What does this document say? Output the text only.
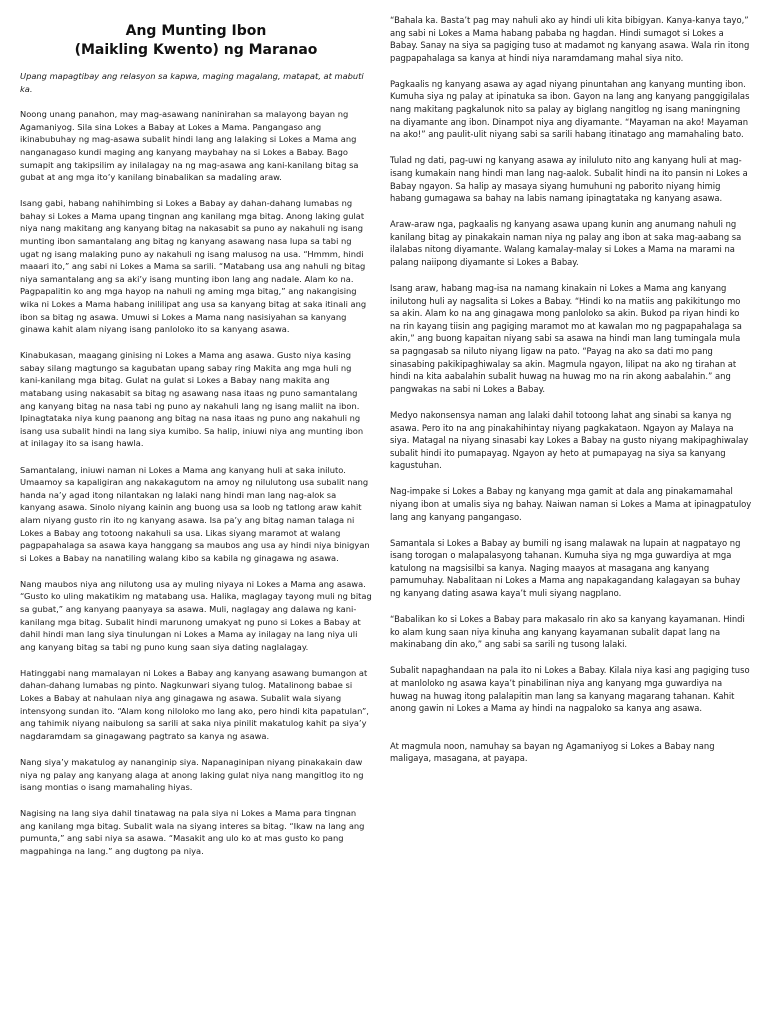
Ang Munting Ibon
(Maikling Kwento) ng Maranao
Upang mapagtibay ang relasyon sa kapwa, maging magalang, matapat, at mabuti ka.

Noong unang panahon, may mag-asawang naninirahan sa malayong bayan ng Agamaniyog. Sila sina Lokes a Babay at Lokes a Mama. Pangangaso ang ikinabubuhay ng mag-asawa subalit hindi lang ang lalaking si Lokes a Mama ang nanganagaso kundi maging ang kanyang maybahay na si Lokes a Babay. Bago sumapit ang takipsilim ay inilalagay na ng mag-asawa ang kani-kanilang bitag sa gubat at ang mga ito’y kanilang binabalikan sa madaling araw.

Isang gabi, habang nahihimbing si Lokes a Babay ay dahan-dahang lumabas ng bahay si Lokes a Mama upang tingnan ang kanilang mga bitag. Anong laking gulat niya nang makitang ang kanyang bitag na nakasabit sa puno ay nakahuli ng isang munting ibon samantalang ang bitag ng kanyang asawang nasa lupa sa tabi ng ugat ng isang malaking puno ay nakahuli ng isang malusog na usa. “Hmmm, hindi maaari ito,” ang sabi ni Lokes a Mama sa sarili. “Matabang usa ang nahuli ng bitag niya samantalang ang sa aki’y isang munting ibon lang ang nadale. Alam ko na. Pagpapalitin ko ang mga hayop na nahuli ng aming mga bitag,” ang nakangising wika ni Lokes a Mama habang inililipat ang usa sa kanyang bitag at saka itinali ang ibon sa bitag ng asawa. Umuwi si Lokes a Mama nang nasisiyahan sa kanyang ginawa kahit alam niyang isang panloloko ito sa kanyang asawa.

Kinabukasan, maagang ginising ni Lokes a Mama ang asawa. Gusto niya kasing sabay silang magtungo sa kagubatan upang sabay ring Makita ang mga huli ng kani-kanilang mga bitag. Gulat na gulat si Lokes a Babay nang makita ang matabang using nakasabit sa bitag ng asawang nasa itaas ng puno samantalang ang kanyang bitag na nasa tabi ng puno ay nakahuli lang ng isang maliit na ibon. Ipinagtataka niya kung paanong ang bitag na nasa itaas ng puno ang nakahuli ng isang usa subalit hindi na lang siya kumibo. Sa halip, iniuwi niya ang munting ibon at inilagay ito sa isang hawla.

Samantalang, iniuwi naman ni Lokes a Mama ang kanyang huli at saka iniluto. Umaamoy sa kapaligiran ang nakakagutom na amoy ng nilulutong usa subalit nang handa na’y agad itong nilantakan ng lalaki nang hindi man lang nag-alok sa kanyang asawa. Sinolo niyang kainin ang buong usa sa loob ng tatlong araw kahit alam niyang gusto rin ito ng kanyang asawa. Isa pa’y ang bitag naman talaga ni Lokes a Babay ang totoong nakahuli sa usa. Likas siyang maramot at walang pagpapahalaga sa asawa kaya hanggang sa maubos ang usa ay hindi niya binigyan si Lokes a Babay na nanatiling walang kibo sa kabila ng ginagawa ng asawa.

Nang maubos niya ang nilutong usa ay muling niyaya ni Lokes a Mama ang asawa. “Gusto ko uling makatikim ng matabang usa. Halika, maglagay tayong muli ng bitag sa gubat,” ang kanyang paanyaya sa asawa. Muli, naglagay ang dalawa ng kani-kanilang mga bitag. Subalit hindi marunong umakyat ng puno si Lokes a Babay at dahil hindi man lang siya tinulungan ni Lokes a Mama ay inilagay na lang niya uli ang kanyang bitag sa tabi ng puno kung saan siya dating naglalagay.

Hatinggabi nang mamalayan ni Lokes a Babay ang kanyang asawang bumangon at dahan-dahang lumabas ng pinto. Nagkunwari siyang tulog. Matalinong babae si Lokes a Babay at nahulaan niya ang ginagawa ng asawa. Subalit wala siyang intensyong sundan ito. “Alam kong niloloko mo lang ako, pero hindi kita papatulan”, ang tahimik niyang naibulong sa sarili at saka niya pinilit makatulog kahit pa siya’y nagdaramdam sa ginagawang pagtrato sa kanya ng asawa.

Nang siya’y makatulog ay nananginip siya. Napanaginipan niyang pinakakain daw niya ng palay ang kanyang alaga at anong laking gulat niya nang mangitlog ito ng isang montias o isang mamahaling hiyas.

Nagising na lang siya dahil tinatawag na pala siya ni Lokes a Mama para tingnan ang kanilang mga bitag. Subalit wala na siyang interes sa bitag. “Ikaw na lang ang pumunta,” ang sabi niya sa asawa. “Masakit ang ulo ko at mas gusto ko pang magpahinga na lang.” ang dugtong pa niya.

“Bahala ka. Basta’t pag may nahuli ako ay hindi uli kita bibigyan. Kanya-kanya tayo,” ang sabi ni Lokes a Mama habang pababa ng hagdan. Hindi sumagot si Lokes a Babay. Sanay na siya sa pagiging tuso at madamot ng kanyang asawa. Wala rin itong pagpapahalaga sa kanya at hindi niya naramdamang mahal siya nito.

Pagkaalis ng kanyang asawa ay agad niyang pinuntahan ang kanyang munting ibon. Kumuha siya ng palay at ipinatuka sa ibon. Gayon na lang ang kanyang panggigilalas nang makitang pagkalunok nito sa palay ay biglang nangitlog ng isang maningning na diyamante ang ibon. Dinampot niya ang diyamante. “Mayaman na ako! Mayaman na ako!” ang paulit-ulit niyang sabi sa sarili habang itinatago ang mamahaling bato.

Tulad ng dati, pag-uwi ng kanyang asawa ay iniluluto nito ang kanyang huli at mag-isang kumakain nang hindi man lang nag-aalok. Subalit hindi na ito pansin ni Lokes a Babay ngayon. Sa halip ay masaya siyang humuhuni ng paborito niyang himig habang gumagawa sa bahay na labis namang ipinagtataka ng kanyang asawa.

Araw-araw nga, pagkaalis ng kanyang asawa upang kunin ang anumang nahuli ng kanilang bitag ay pinakakain naman niya ng palay ang ibon at saka mag-aabang sa ilalabas nitong diyamante. Walang kamalay-malay si Lokes a Mama na marami na palang naiipong diyamante si Lokes a Babay.

Isang araw, habang mag-isa na namang kinakain ni Lokes a Mama ang kanyang inilutong huli ay nagsalita si Lokes a Babay. “Hindi ko na matiis ang pakikitungo mo sa akin. Alam ko na ang ginagawa mong panloloko sa akin. Bukod pa riyan hindi ko na rin kayang tiisin ang pagiging maramot mo at kawalan mo ng pagpapahalaga sa akin,” ang buong kapaitan niyang sabi sa asawa na hindi man lang tumingala mula sa pagngasab sa niluto niyang ligaw na pato. “Payag na ako sa dati mo pang sinasabing pakikipaghiwalay sa akin. Magmula ngayon, lilipat na ako ng tirahan at hindi na kita aabalahin subalit huwag na huwag mo na rin akong aabalahin.” ang pangwakas na sabi ni Lokes a Babay.

Medyo nakonsensya naman ang lalaki dahil totoong lahat ang sinabi sa kanya ng asawa. Pero ito na ang pinakahihintay niyang pagkakataon. Ngayon ay Malaya na siya. Matagal na niyang sinasabi kay Lokes a Babay na gusto niyang makipaghiwalay subalit hindi ito pumapayag. Ngayon ay heto at pumapayag na siya sa kanyang kagustuhan.

Nag-impake si Lokes a Babay ng kanyang mga gamit at dala ang pinakamamahal niyang ibon at umalis siya ng bahay. Naiwan naman si Lokes a Mama at ipinagpatuloy lang ang kanyang pangangaso.

Samantala si Lokes a Babay ay bumili ng isang malawak na lupain at nagpatayo ng isang torogan o malapalasyong tahanan. Kumuha siya ng mga guwardiya at mga katulong na magsisilbi sa kanya. Naging maayos at masagana ang kanyang pamumuhay. Nabalitaan ni Lokes a Mama ang napakagandang kalagayan sa buhay ng kanyang dating asawa kaya’t muli siyang nagplano.

“Babalikan ko si Lokes a Babay para makasalo rin ako sa kanyang kayamanan. Hindi ko alam kung saan niya kinuha ang kanyang kayamanan subalit dapat lang na makinabang din ako,” ang sabi sa sarili ng tusong lalaki.

Subalit napaghandaan na pala ito ni Lokes a Babay. Kilala niya kasi ang pagiging tuso at manloloko ng asawa kaya’t pinabilinan niya ang kanyang mga guwardiya na huwag na huwag itong palalapitin man lang sa kanyang magarang tahanan. Kahit anong gawin ni Lokes a Mama ay hindi na nagpaloko sa kanya ang asawa.

At magmula noon, namuhay sa bayan ng Agamaniyog si Lokes a Babay nang maligaya, masagana, at payapa.
